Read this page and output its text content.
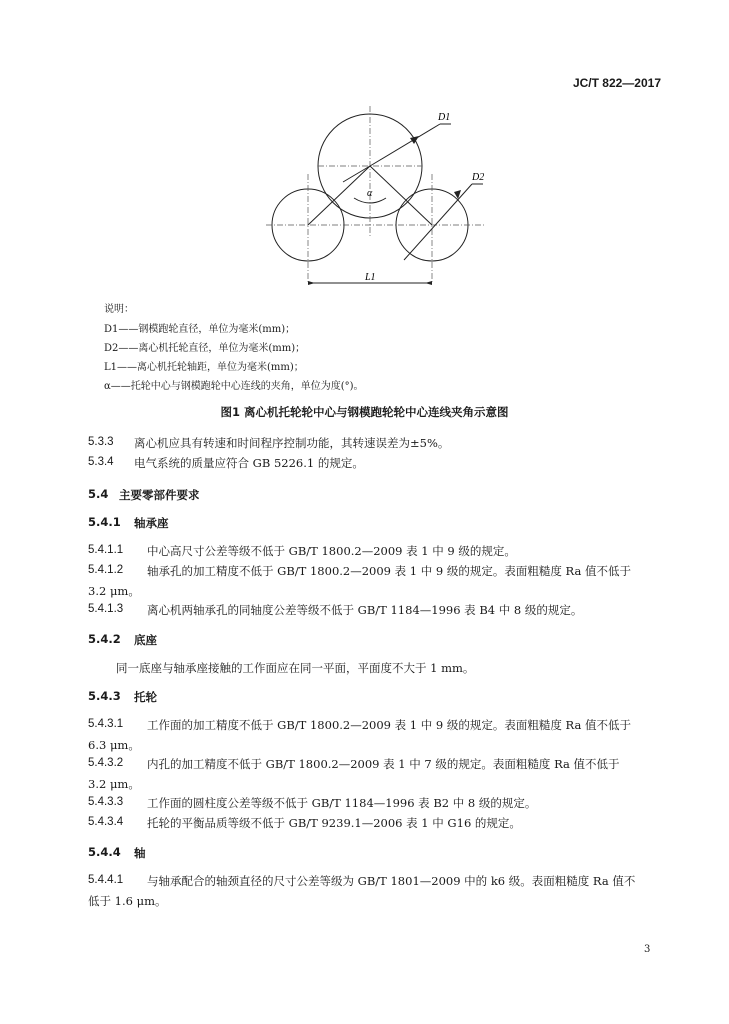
JC/T 822—2017
D1
D2
α
L1
说明：
D1——钢模跑轮直径，单位为毫米(mm)；
D2——离心机托轮直径，单位为毫米(mm)；
L1——离心机托轮轴距，单位为毫米(mm)；
α——托轮中心与钢模跑轮中心连线的夹角，单位为度(°)。
图1 离心机托轮轮中心与钢模跑轮轮中心连线夹角示意图
5.3.3 离心机应具有转速和时间程序控制功能，其转速误差为±5%。
5.3.4 电气系统的质量应符合 GB 5226.1 的规定。
5.4 主要零部件要求
5.4.1 轴承座
5.4.1.1 中心高尺寸公差等级不低于 GB/T 1800.2—2009 表 1 中 9 级的规定。
5.4.1.2 轴承孔的加工精度不低于 GB/T 1800.2—2009 表 1 中 9 级的规定。表面粗糙度 Ra 值不低于
3.2 μm。
5.4.1.3 离心机两轴承孔的同轴度公差等级不低于 GB/T 1184—1996 表 B4 中 8 级的规定。
5.4.2 底座
同一底座与轴承座接触的工作面应在同一平面，平面度不大于 1 mm。
5.4.3 托轮
5.4.3.1 工作面的加工精度不低于 GB/T 1800.2—2009 表 1 中 9 级的规定。表面粗糙度 Ra 值不低于
6.3 μm。
5.4.3.2 内孔的加工精度不低于 GB/T 1800.2—2009 表 1 中 7 级的规定。表面粗糙度 Ra 值不低于
3.2 μm。
5.4.3.3 工作面的圆柱度公差等级不低于 GB/T 1184—1996 表 B2 中 8 级的规定。
5.4.3.4 托轮的平衡品质等级不低于 GB/T 9239.1—2006 表 1 中 G16 的规定。
5.4.4 轴
5.4.4.1 与轴承配合的轴颈直径的尺寸公差等级为 GB/T 1801—2009 中的 k6 级。表面粗糙度 Ra 值不
低于 1.6 μm。
3
